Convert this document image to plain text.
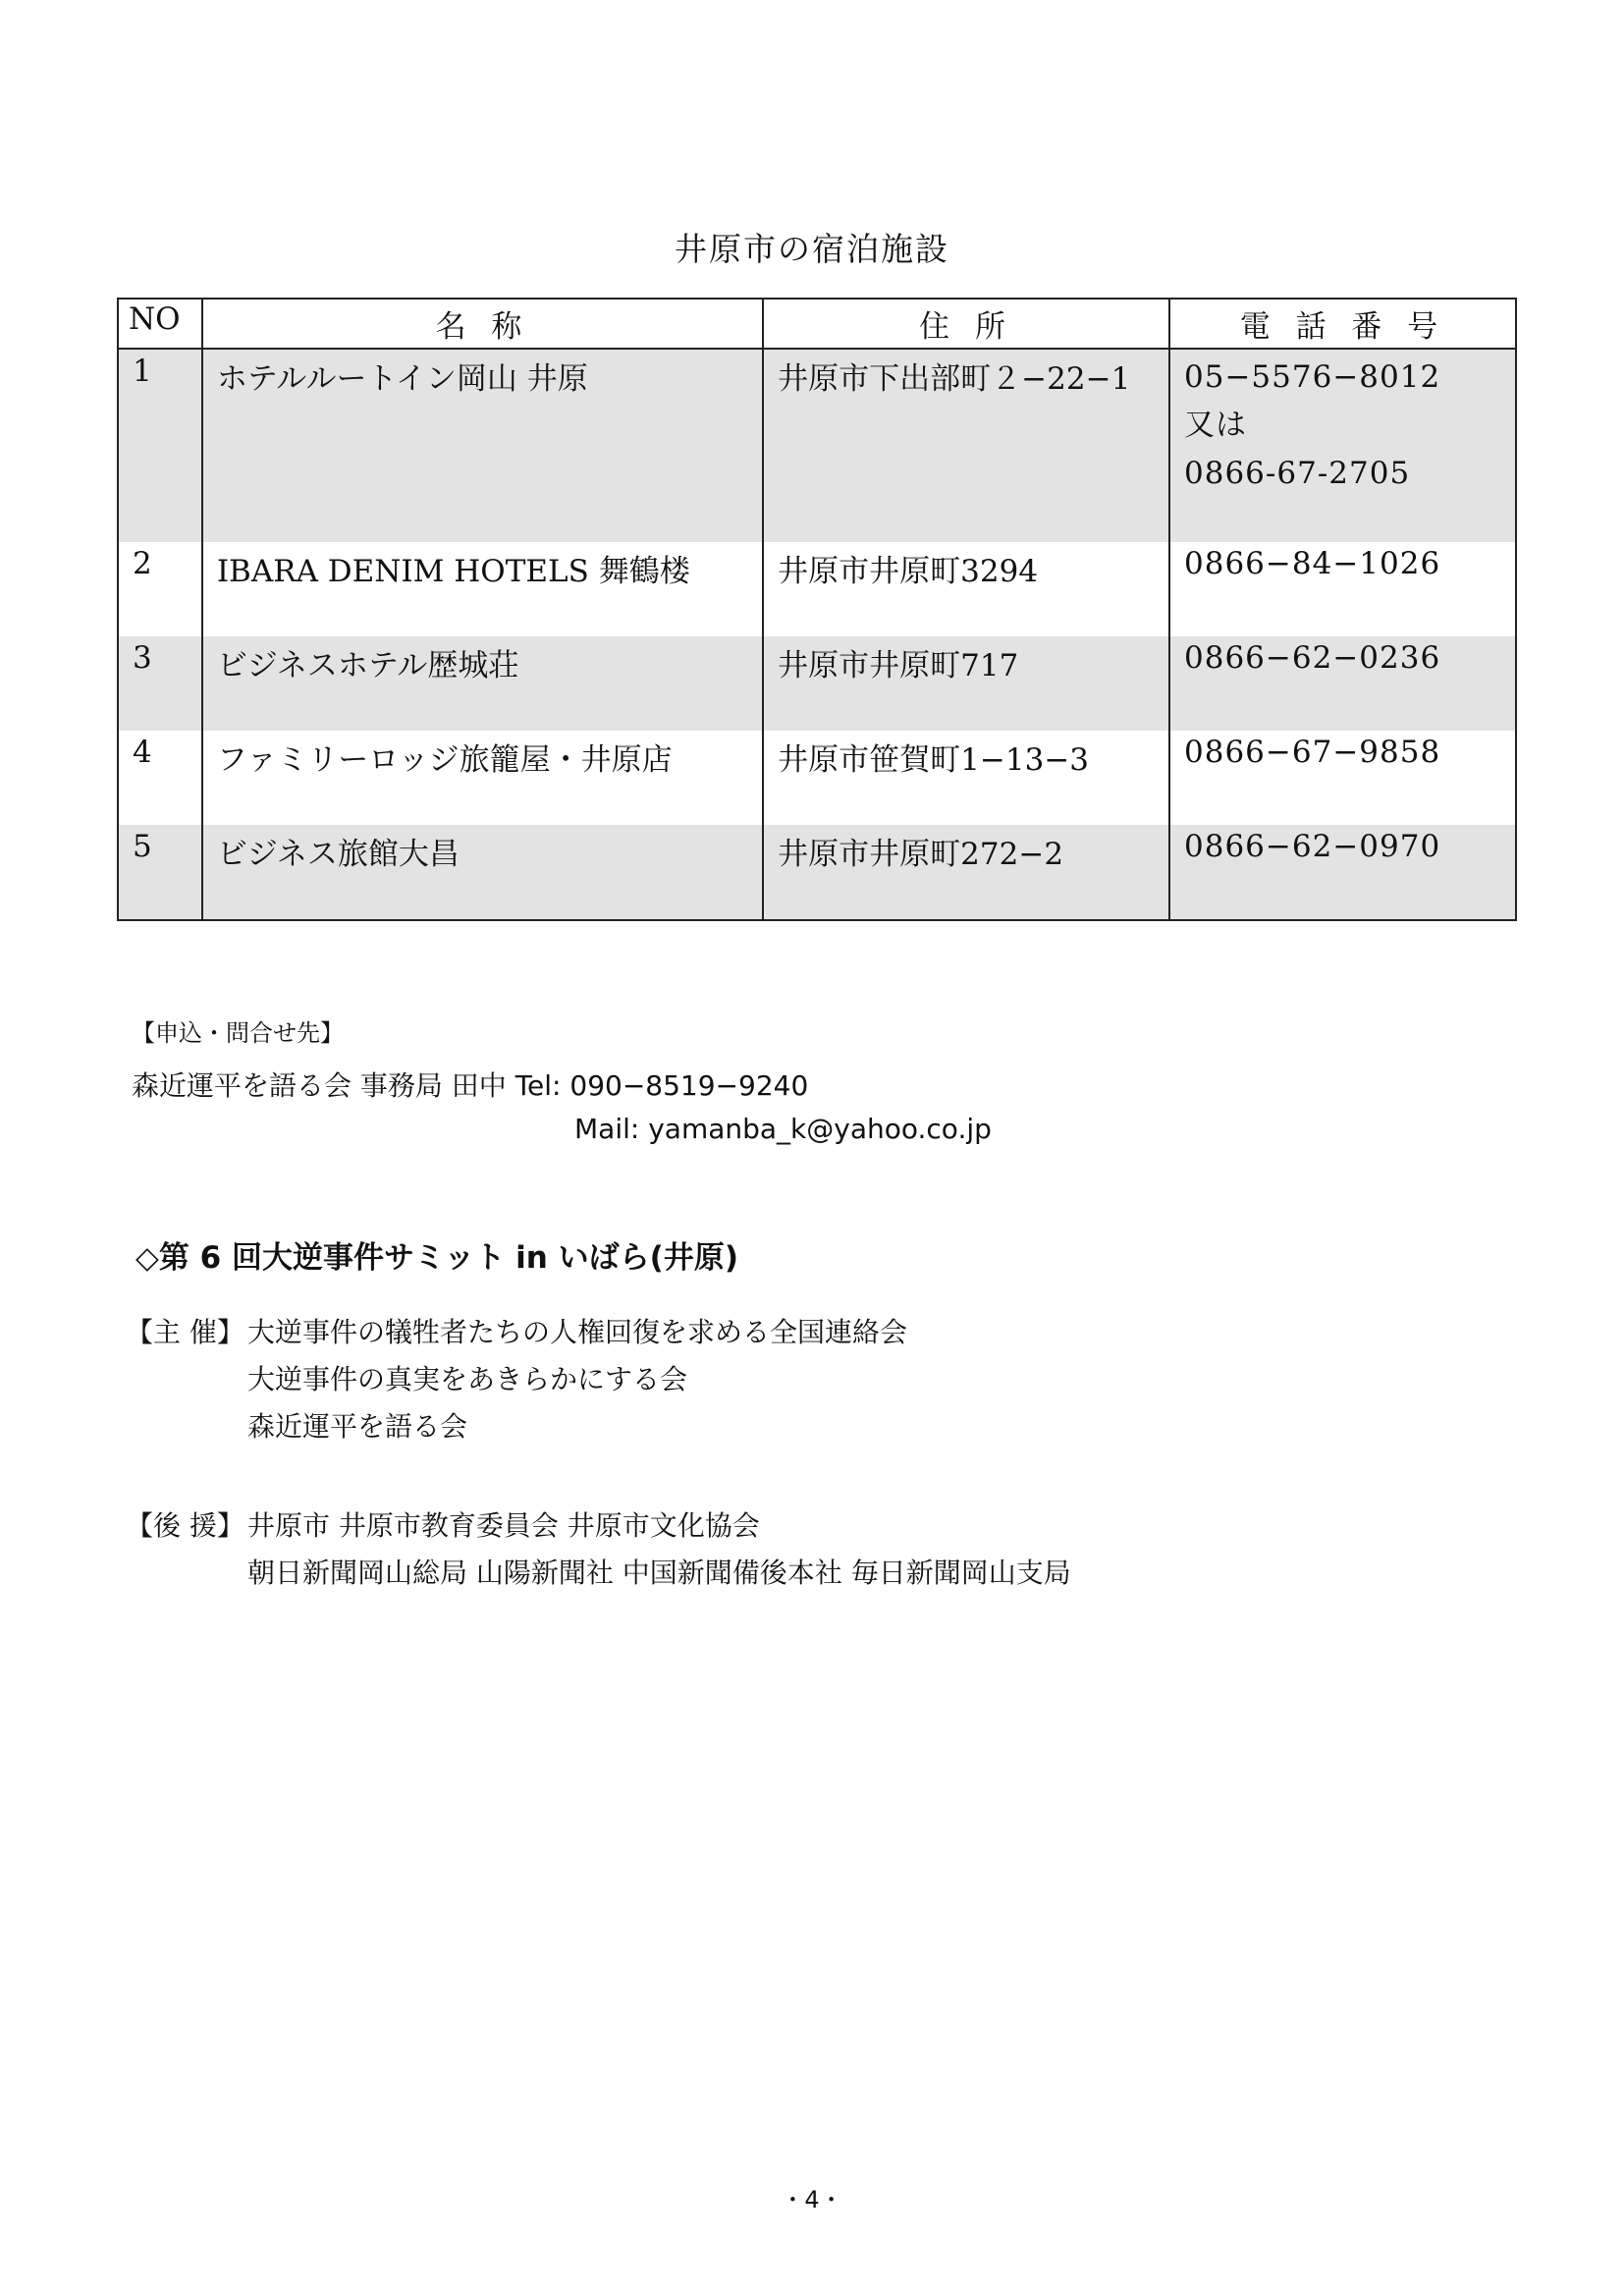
井原市の宿泊施設
NO	名 称	住 所	電 話 番 号
1	ホテルルートイン岡山 井原	井原市下出部町２−22−1	05−5576−8012
又は
0866-67-2705

2	IBARA DENIM HOTELS 舞鶴楼	井原市井原町3294	0866−84−1026
3	ビジネスホテル歴城荘	井原市井原町717	0866−62−0236
4	ファミリーロッジ旅籠屋・井原店	井原市笹賀町1−13−3	0866−67−9858
5	ビジネス旅館大昌	井原市井原町272−2	0866−62−0970
【申込・問合せ先】
森近運平を語る会 事務局 田中 Tel: 090−8519−9240
Mail: yamanba_k@yahoo.co.jp
◇第 6 回大逆事件サミット in いばら(井原)
【主 催】 大逆事件の犠牲者たちの人権回復を求める全国連絡会
大逆事件の真実をあきらかにする会
森近運平を語る会
【後 援】 井原市 井原市教育委員会 井原市文化協会
朝日新聞岡山総局 山陽新聞社 中国新聞備後本社 毎日新聞岡山支局
・4・
